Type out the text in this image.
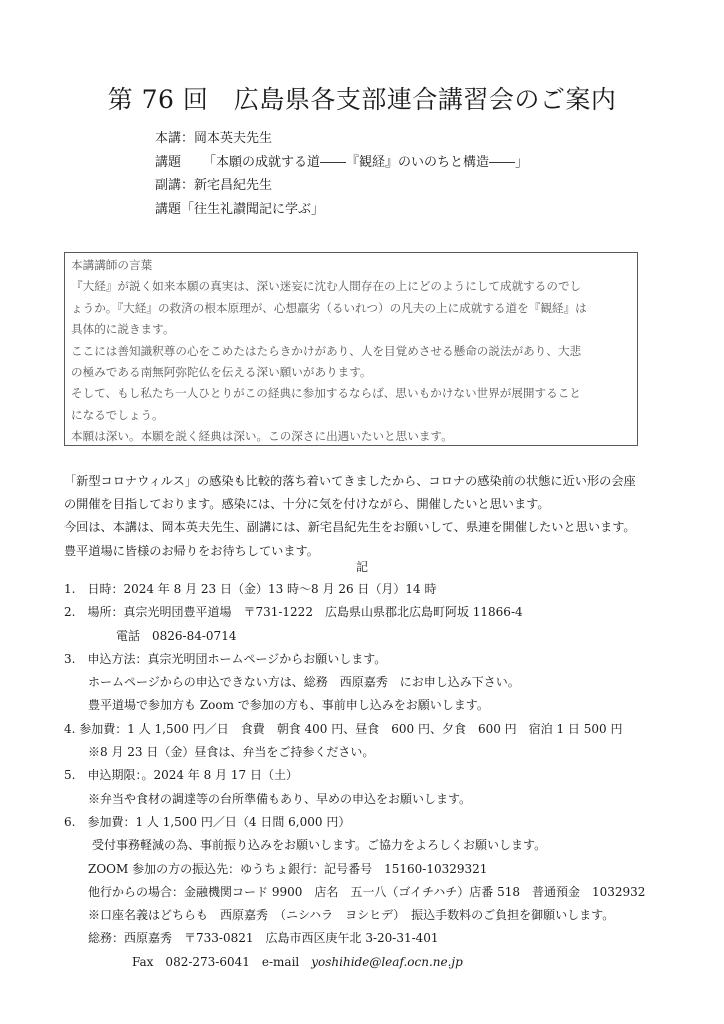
第 76 回　広島県各支部連合講習会のご案内
本講：岡本英夫先生
講題 「本願の成就する道――『観経』のいのちと構造――」
副講：新宅昌紀先生
講題「往生礼讃聞記に学ぶ」
本講講師の言葉
『大経』が説く如来本願の真実は、深い迷妄に沈む人間存在の上にどのようにして成就するのでし
ょうか。『大経』の救済の根本原理が、心想羸劣（るいれつ）の凡夫の上に成就する道を『観経』は
具体的に説きます。
ここには善知識釈尊の心をこめたはたらきかけがあり、人を目覚めさせる懸命の説法があり、大悲
の極みである南無阿弥陀仏を伝える深い願いがあります。
そして、もし私たち一人ひとりがこの経典に参加するならば、思いもかけない世界が展開すること
になるでしょう。
本願は深い。本願を説く経典は深い。この深さに出遇いたいと思います。
「新型コロナウィルス」の感染も比較的落ち着いてきましたから、コロナの感染前の状態に近い形の会座
の開催を目指しております。感染には、十分に気を付けながら、開催したいと思います。
今回は、本講は、岡本英夫先生、副講には、新宅昌紀先生をお願いして、県連を開催したいと思います。
豊平道場に皆様のお帰りをお待ちしています。
記
1.　日時：2024 年 8 月 23 日（金）13 時～8 月 26 日（月）14 時
2.　場所：真宗光明団豊平道場　〒731-1222　広島県山県郡北広島町阿坂 11866-4
電話　0826-84-0714
3.　申込方法：真宗光明団ホームページからお願いします。
ホームページからの申込できない方は、総務　西原嘉秀　にお申し込み下さい。
豊平道場で参加方も Zoom で参加の方も、事前申し込みをお願いします。
4. 参加費：1 人 1,500 円／日　食費　朝食 400 円、昼食　600 円、夕食　600 円　宿泊 1 日 500 円
※8 月 23 日（金）昼食は、弁当をご持参ください。
5.　申込期限：。2024 年 8 月 17 日（土）
※弁当や食材の調達等の台所準備もあり、早めの申込をお願いします。
6.　参加費：1 人 1,500 円／日（4 日間 6,000 円）
受付事務軽減の為、事前振り込みをお願いします。ご協力をよろしくお願いします。
ZOOM 参加の方の振込先：ゆうちょ銀行：記号番号　15160-10329321
他行からの場合：金融機関コード 9900　店名　五一八（ゴイチハチ）店番 518　普通預金　1032932
※口座名義はどちらも　西原嘉秀　（ニシハラ　ヨシヒデ）　振込手数料のご負担を御願いします。
総務：西原嘉秀　〒733-0821　広島市西区庚午北 3-20-31-401
Fax　082-273-6041　e-mail　yoshihide@leaf.ocn.ne.jp
